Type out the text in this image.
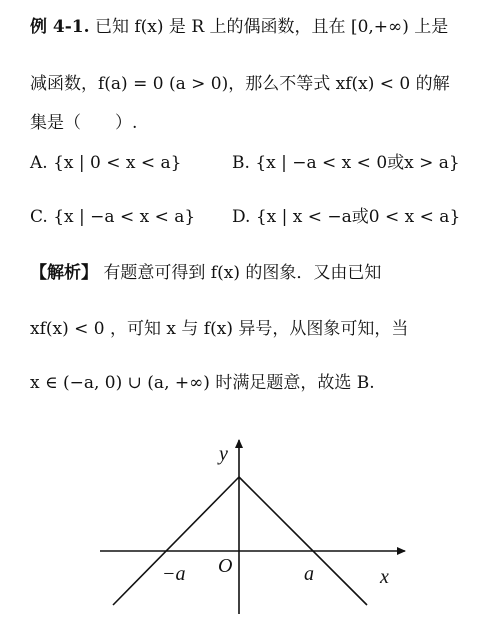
例 4-1. 已知 f(x) 是 R 上的偶函数，且在 [0,+∞) 上是
减函数，f(a) = 0 (a > 0)，那么不等式 xf(x) < 0 的解
集是（　　）.
A. {x | 0 < x < a}	B. {x | −a < x < 0或x > a}
C. {x | −a < x < a} D. {x | x < −a或0 < x < a}
【解析】 有题意可得到 f(x) 的图象．又由已知
xf(x) < 0 ，可知 x 与 f(x) 异号，从图象可知，当
x ∈ (−a, 0) ∪ (a, +∞) 时满足题意，故选 B.
y
x
O
−a	a
